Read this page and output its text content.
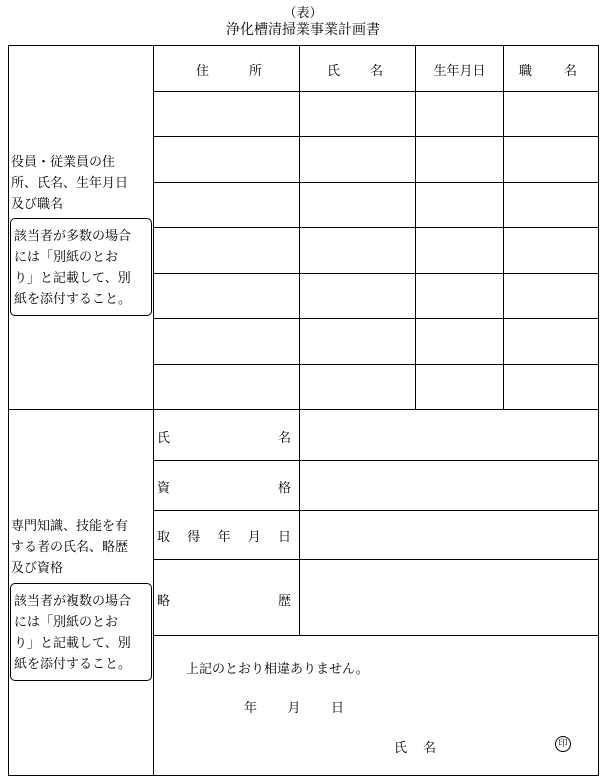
（表）
浄化槽清掃業事業計画書
役員・従業員の住
所、氏名、生年月日
及び職名
該当者が多数の場合
には「別紙のとお
り」と記載して、別
紙を添付すること。
住	所	氏 名	生年月日	職 名
専門知識、技能を有
する者の氏名、略歴
及び資格
該当者が複数の場合
には「別紙のとお
り」と記載して、別
紙を添付すること。
氏	名
資	格
取 得 年 月 日
略	歴
上記のとおり相違ありません。
年 月 日
氏 名	印
